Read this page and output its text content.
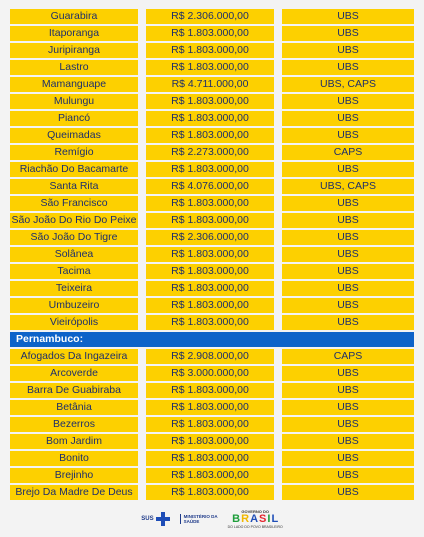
Guarabira	R$ 2.306.000,00	UBS
Itaporanga	R$ 1.803.000,00	UBS
Juripiranga	R$ 1.803.000,00	UBS
Lastro	R$ 1.803.000,00	UBS
Mamanguape	R$ 4.711.000,00	UBS, CAPS
Mulungu	R$ 1.803.000,00	UBS
Piancó	R$ 1.803.000,00	UBS
Queimadas	R$ 1.803.000,00	UBS
Remígio	R$ 2.273.000,00	CAPS
Riachão Do Bacamarte	R$ 1.803.000,00	UBS
Santa Rita	R$ 4.076.000,00	UBS, CAPS
São Francisco	R$ 1.803.000,00	UBS
São João Do Rio Do Peixe	R$ 1.803.000,00	UBS
São João Do Tigre	R$ 2.306.000,00	UBS
Solânea	R$ 1.803.000,00	UBS
Tacima	R$ 1.803.000,00	UBS
Teixeira	R$ 1.803.000,00	UBS
Umbuzeiro	R$ 1.803.000,00	UBS
Vieirópolis	R$ 1.803.000,00	UBS
Pernambuco:
Afogados Da Ingazeira	R$ 2.908.000,00	CAPS
Arcoverde	R$ 3.000.000,00	UBS
Barra De Guabiraba	R$ 1.803.000,00	UBS
Betânia	R$ 1.803.000,00	UBS
Bezerros	R$ 1.803.000,00	UBS
Bom Jardim	R$ 1.803.000,00	UBS
Bonito	R$ 1.803.000,00	UBS
Brejinho	R$ 1.803.000,00	UBS
Brejo Da Madre De Deus	R$ 1.803.000,00	UBS
SUS	MINISTÉRIO DA
SAÚDE
GOVERNO DO
B R A S I L
DO LADO DO POVO BRASILEIRO
